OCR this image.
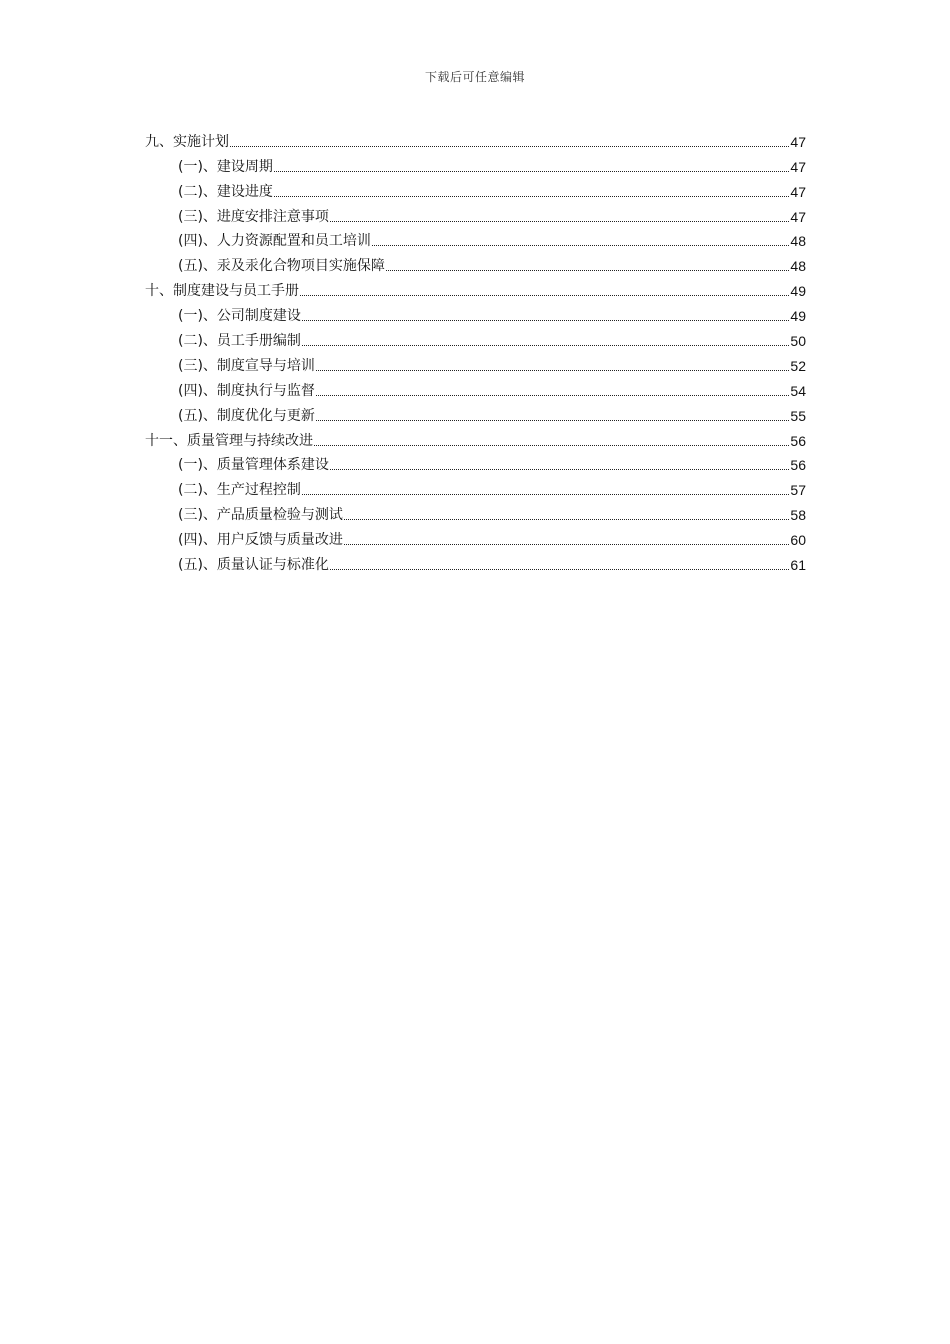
下载后可任意编辑
九、实施计划	47
(一)、建设周期	47
(二)、建设进度	47
(三)、进度安排注意事项	47
(四)、人力资源配置和员工培训	48
(五)、汞及汞化合物项目实施保障	48
十、制度建设与员工手册	49
(一)、公司制度建设	49
(二)、员工手册编制	50
(三)、制度宣导与培训	52
(四)、制度执行与监督	54
(五)、制度优化与更新	55
十一、质量管理与持续改进	56
(一)、质量管理体系建设	56
(二)、生产过程控制	57
(三)、产品质量检验与测试	58
(四)、用户反馈与质量改进	60
(五)、质量认证与标准化	61
